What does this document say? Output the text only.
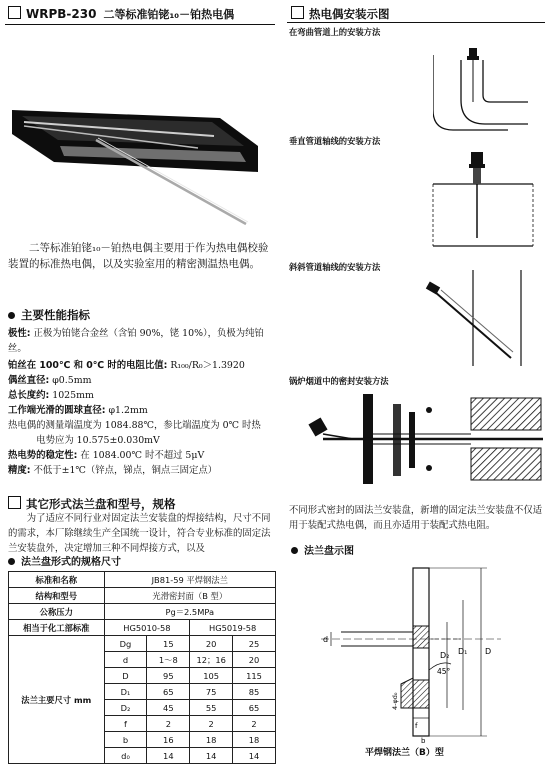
WRPB-230 二等标准铂铑₁₀－铂热电偶
二等标准铂铑₁₀－铂热电偶主要用于作为热电偶校验装置的标准热电偶，以及实验室用的精密测温热电偶。
主要性能指标
极性: 正极为铂铑合金丝（含铂 90%，铑 10%），负极为纯铂丝。
铂丝在 100℃ 和 0℃ 时的电阻比值: R₁₀₀/R₀＞1.3920
偶丝直径: φ0.5mm
总长度约: 1025mm
工作端光滑的圆球直径: φ1.2mm
热电偶的测量端温度为 1084.88℃，参比端温度为 0℃ 时热
电势应为 10.575±0.030mV
热电势的稳定性: 在 1084.00℃ 时不超过 5μV
精度: 不低于±1℃（锌点，锑点，铜点三固定点）
其它形式法兰盘和型号，规格
为了适应不同行业对固定法兰安装盘的焊接结构，尺寸不同的需求，本厂除继续生产全国统一设计，符合专业标准的固定法兰安装盘外，决定增加三种不同焊接方式，以及
法兰盘形式的规格尺寸
标准和名称	JB81-59 平焊钢法兰			
结构和型号	光滑密封面（B 型）			
公称压力	Pg＝2.5MPa			
相当于化工部标准	HG5010-58		HG5019-58	
法兰主要尺寸 mm	Dg	15	20	25
	d	1～8	12；16	20
	D	95	105	115
	D₁	65	75	85
	D₂	45	55	65
	f	2	2	2
	b	16	18	18
	d₀	14	14	14
热电偶安装示图
在弯曲管道上的安装方法
垂直管道轴线的安装方法
斜斜管道轴线的安装方法
锅炉烟道中的密封安装方法
不同形式密封的固法兰安装盘，新增的固定法兰安装盘不仅适用于装配式热电偶，而且亦适用于装配式热电阻。
法兰盘示图
d
D₂ D₁ D
45°
4-φd₀
f
b
平焊钢法兰（B）型
